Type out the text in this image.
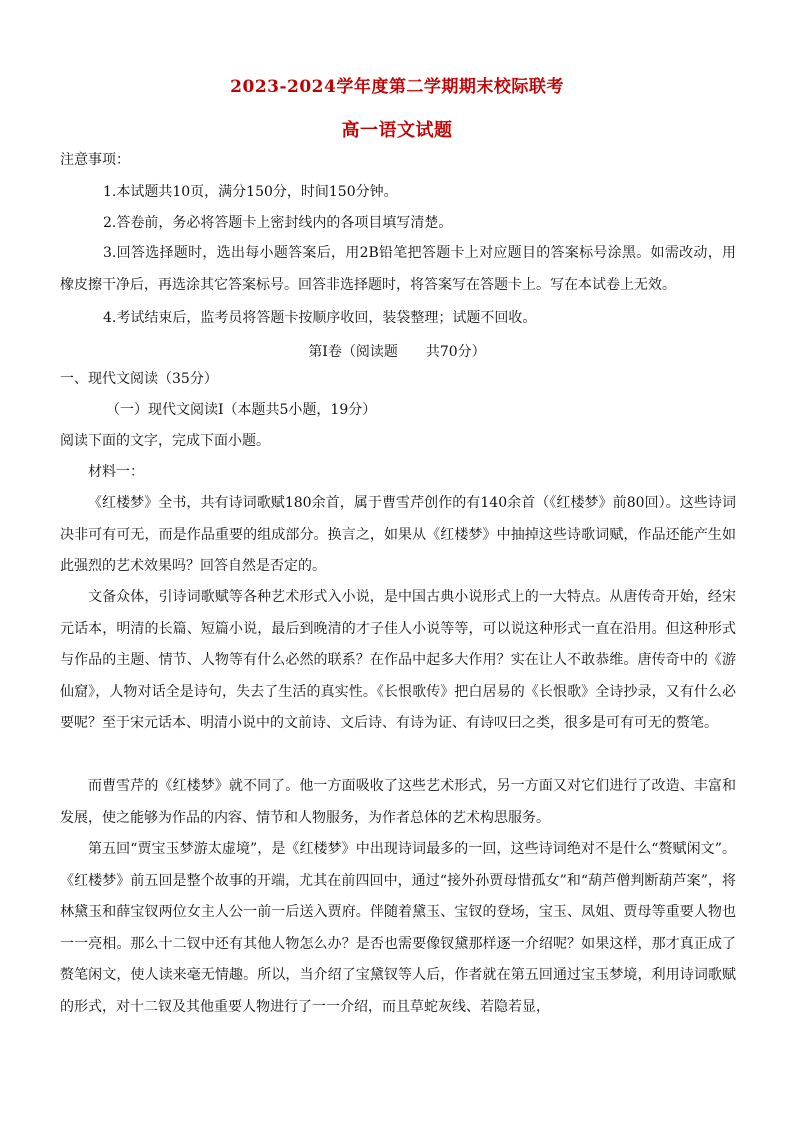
2023-2024学年度第二学期期末校际联考
高一语文试题
注意事项：
1.本试题共10页，满分150分，时间150分钟。
2.答卷前，务必将答题卡上密封线内的各项目填写清楚。
3.回答选择题时，选出每小题答案后，用2B铅笔把答题卡上对应题目的答案标号涂黑。如需改动，用橡皮擦干净后，再选涂其它答案标号。回答非选择题时，将答案写在答题卡上。写在本试卷上无效。
4.考试结束后，监考员将答题卡按顺序收回，装袋整理；试题不回收。
第Ⅰ卷（阅读题　　共70分）
一、现代文阅读（35分）
（一）现代文阅读Ⅰ（本题共5小题，19分）
阅读下面的文字，完成下面小题。
材料一：
《红楼梦》全书，共有诗词歌赋180余首，属于曹雪芹创作的有140余首（《红楼梦》前80回）。这些诗词决非可有可无，而是作品重要的组成部分。换言之，如果从《红楼梦》中抽掉这些诗歌词赋，作品还能产生如此强烈的艺术效果吗？回答自然是否定的。
文备众体，引诗词歌赋等各种艺术形式入小说，是中国古典小说形式上的一大特点。从唐传奇开始，经宋元话本，明清的长篇、短篇小说，最后到晚清的才子佳人小说等等，可以说这种形式一直在沿用。但这种形式与作品的主题、情节、人物等有什么必然的联系？在作品中起多大作用？实在让人不敢恭维。唐传奇中的《游仙窟》，人物对话全是诗句，失去了生活的真实性。《长恨歌传》把白居易的《长恨歌》全诗抄录，又有什么必要呢？至于宋元话本、明清小说中的文前诗、文后诗、有诗为证、有诗叹曰之类，很多是可有可无的赘笔。
而曹雪芹的《红楼梦》就不同了。他一方面吸收了这些艺术形式，另一方面又对它们进行了改造、丰富和发展，使之能够为作品的内容、情节和人物服务，为作者总体的艺术构思服务。
第五回“贾宝玉梦游太虚境”，是《红楼梦》中出现诗词最多的一回，这些诗词绝对不是什么“赘赋闲文”。《红楼梦》前五回是整个故事的开端，尤其在前四回中，通过“接外孙贾母惜孤女”和“葫芦僧判断葫芦案”，将林黛玉和薛宝钗两位女主人公一前一后送入贾府。伴随着黛玉、宝钗的登场，宝玉、凤姐、贾母等重要人物也一一亮相。那么十二钗中还有其他人物怎么办？是否也需要像钗黛那样逐一介绍呢？如果这样，那才真正成了赘笔闲文，使人读来毫无情趣。所以，当介绍了宝黛钗等人后，作者就在第五回通过宝玉梦境，利用诗词歌赋的形式，对十二钗及其他重要人物进行了一一介绍，而且草蛇灰线、若隐若显，
